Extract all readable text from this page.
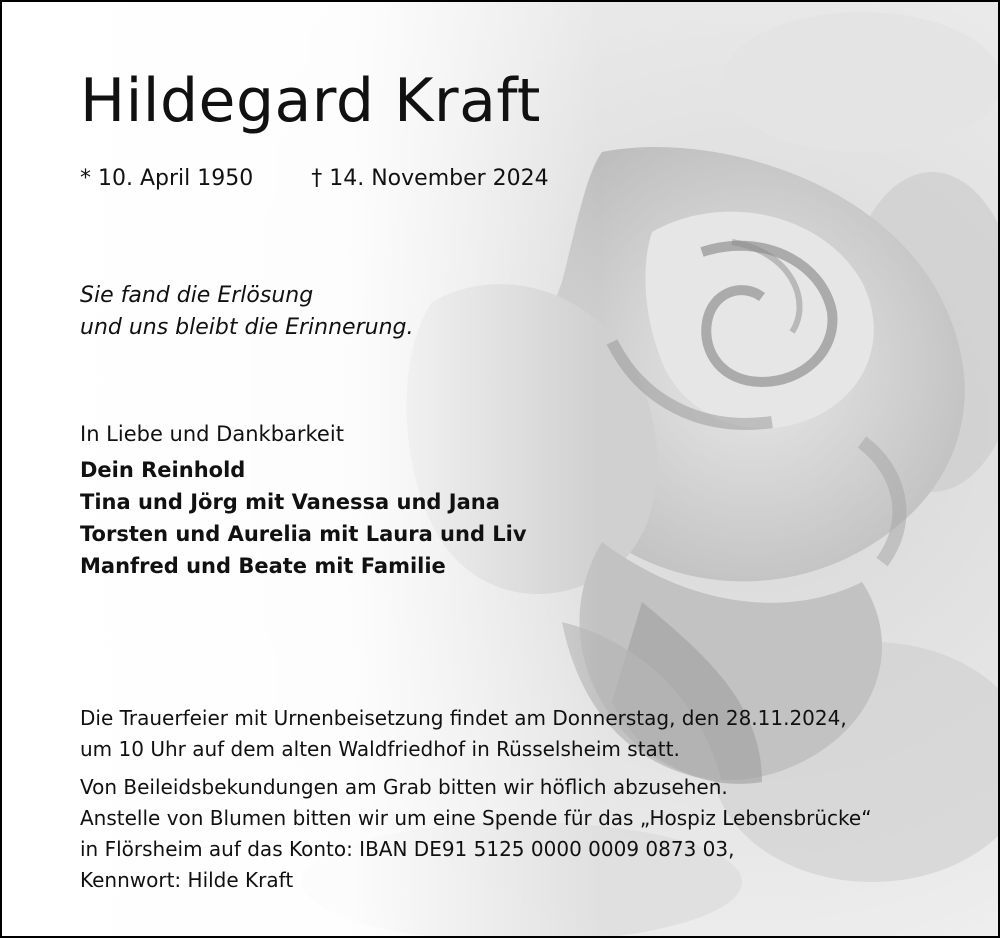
Hildegard Kraft
* 10. April 1950	† 14. November 2024
Sie fand die Erlösung
und uns bleibt die Erinnerung.
In Liebe und Dankbarkeit
Dein Reinhold
Tina und Jörg mit Vanessa und Jana
Torsten und Aurelia mit Laura und Liv
Manfred und Beate mit Familie
Die Trauerfeier mit Urnenbeisetzung findet am Donnerstag, den 28.11.2024,
um 10 Uhr auf dem alten Waldfriedhof in Rüsselsheim statt.
Von Beileidsbekundungen am Grab bitten wir höflich abzusehen.
Anstelle von Blumen bitten wir um eine Spende für das „Hospiz Lebensbrücke“
in Flörsheim auf das Konto: IBAN DE91 5125 0000 0009 0873 03,
Kennwort: Hilde Kraft
